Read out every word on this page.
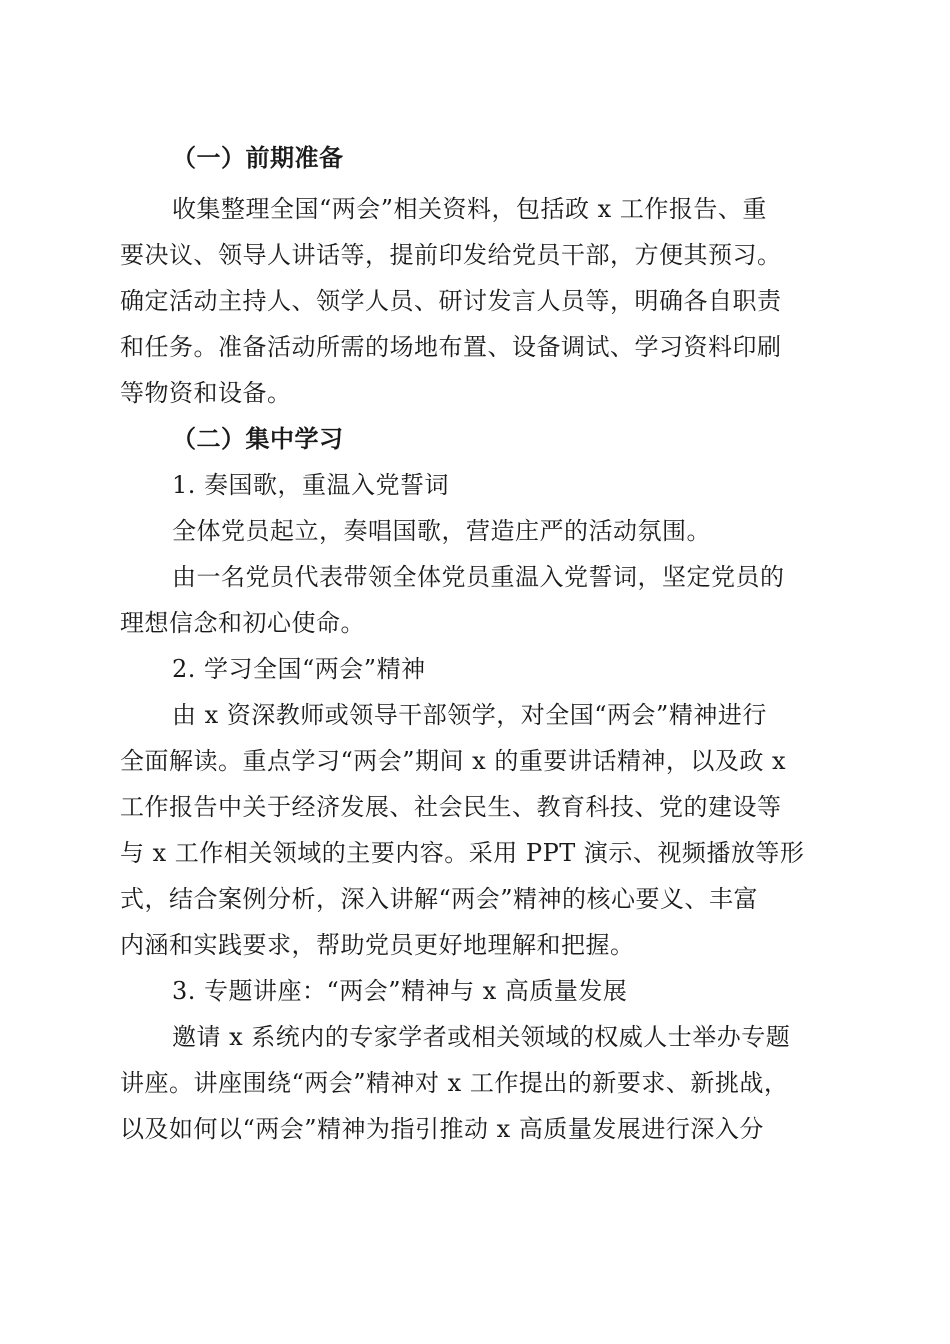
（一）前期准备
收集整理全国“两会”相关资料，包括政 x 工作报告、重
要决议、领导人讲话等，提前印发给党员干部，方便其预习。
确定活动主持人、领学人员、研讨发言人员等，明确各自职责
和任务。准备活动所需的场地布置、设备调试、学习资料印刷
等物资和设备。
（二）集中学习
1. 奏国歌，重温入党誓词
全体党员起立，奏唱国歌，营造庄严的活动氛围。
由一名党员代表带领全体党员重温入党誓词，坚定党员的
理想信念和初心使命。
2. 学习全国“两会”精神
由 x 资深教师或领导干部领学，对全国“两会”精神进行
全面解读。重点学习“两会”期间 x 的重要讲话精神，以及政 x
工作报告中关于经济发展、社会民生、教育科技、党的建设等
与 x 工作相关领域的主要内容。采用 PPT 演示、视频播放等形
式，结合案例分析，深入讲解“两会”精神的核心要义、丰富
内涵和实践要求，帮助党员更好地理解和把握。
3. 专题讲座：“两会”精神与 x 高质量发展
邀请 x 系统内的专家学者或相关领域的权威人士举办专题
讲座。讲座围绕“两会”精神对 x 工作提出的新要求、新挑战，
以及如何以“两会”精神为指引推动 x 高质量发展进行深入分
